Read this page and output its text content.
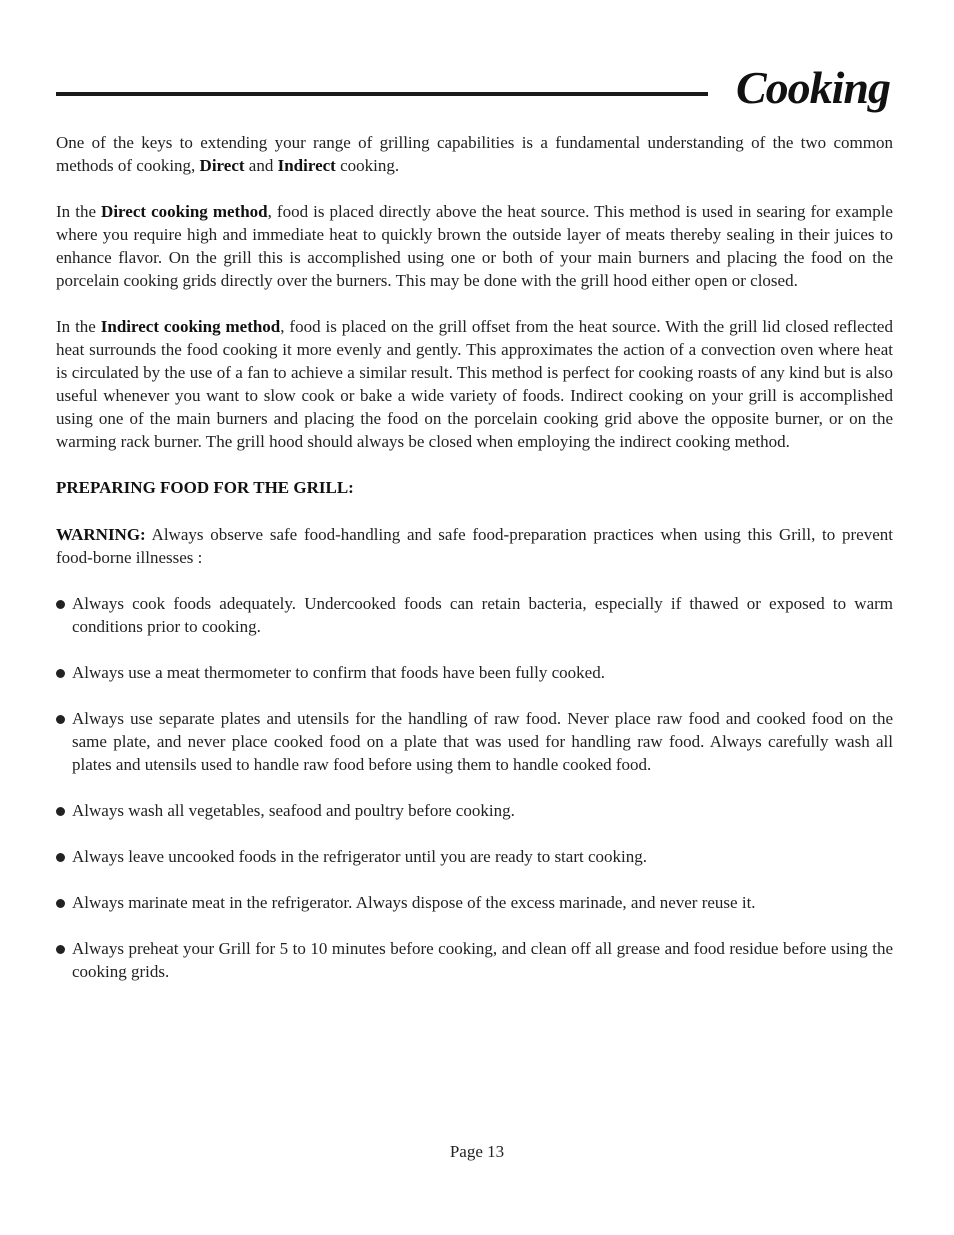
Cooking

One of the keys to extending your range of grilling capabilities is a fundamental understanding of the two common methods of cooking, Direct and Indirect cooking.

In the Direct cooking method, food is placed directly above the heat source. This method is used in searing for example where you require high and immediate heat to quickly brown the outside layer of meats thereby sealing in their juices to enhance flavor. On the grill this is accomplished using one or both of your main burners and placing the food on the porcelain cooking grids directly over the burners. This may be done with the grill hood either open or closed.

In the Indirect cooking method, food is placed on the grill offset from the heat source. With the grill lid closed reflected heat surrounds the food cooking it more evenly and gently. This approximates the action of a convection oven where heat is circulated by the use of a fan to achieve a similar result. This method is perfect for cooking roasts of any kind but is also useful whenever you want to slow cook or bake a wide variety of foods. Indirect cooking on your grill is accomplished using one of the main burners and placing the food on the porcelain cooking grid above the opposite burner, or on the warming rack burner. The grill hood should always be closed when employing the indirect cooking method.

PREPARING FOOD FOR THE GRILL:

WARNING: Always observe safe food-handling and safe food-preparation practices when using this Grill, to prevent food-borne illnesses :

Always cook foods adequately. Undercooked foods can retain bacteria, especially if thawed or exposed to warm conditions prior to cooking.
Always use a meat thermometer to confirm that foods have been fully cooked.
Always use separate plates and utensils for the handling of raw food. Never place raw food and cooked food on the same plate, and never place cooked food on a plate that was used for handling raw food. Always carefully wash all plates and utensils used to handle raw food before using them to handle cooked food.
Always wash all vegetables, seafood and poultry before cooking.
Always leave uncooked foods in the refrigerator until you are ready to start cooking.
Always marinate meat in the refrigerator. Always dispose of the excess marinade, and never reuse it.
Always preheat your Grill for 5 to 10 minutes before cooking, and clean off all grease and food residue before using the cooking grids.
Page 13
